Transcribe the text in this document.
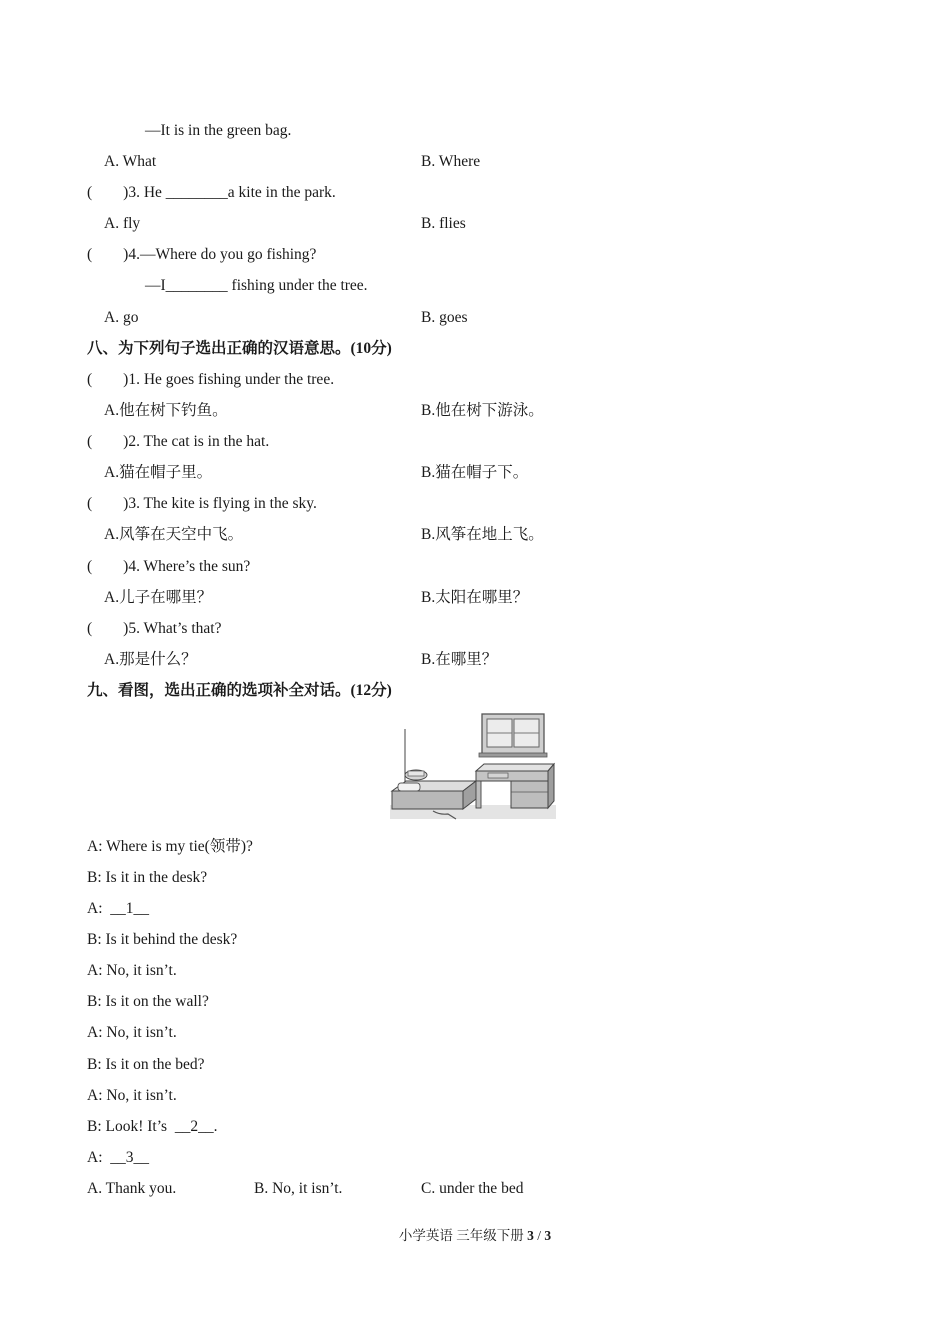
—It is in the green bag.
A. What	B. Where
(        )3. He ________a kite in the park.
A. fly	B. flies
(        )4.—Where do you go fishing?
—I________ fishing under the tree.
A. go	B. goes
八、为下列句子选出正确的汉语意思。(10分)
(        )1. He goes fishing under the tree.
A.他在树下钓鱼。	B.他在树下游泳。
(        )2. The cat is in the hat.
A.猫在帽子里。	B.猫在帽子下。
(        )3. The kite is flying in the sky.
A.风筝在天空中飞。	B.风筝在地上飞。
(        )4. Where’s the sun?
A.儿子在哪里？	B.太阳在哪里？
(        )5. What’s that?
A.那是什么？	B.在哪里？
九、看图，选出正确的选项补全对话。(12分)
A: Where is my tie(领带)?
B: Is it in the desk?
A:  __1__
B: Is it behind the desk?
A: No, it isn’t.
B: Is it on the wall?
A: No, it isn’t.
B: Is it on the bed?
A: No, it isn’t.
B: Look! It’s  __2__.
A:  __3__
A. Thank you.	B. No, it isn’t.	C. under the bed
小学英语 三年级下册 3 / 3
